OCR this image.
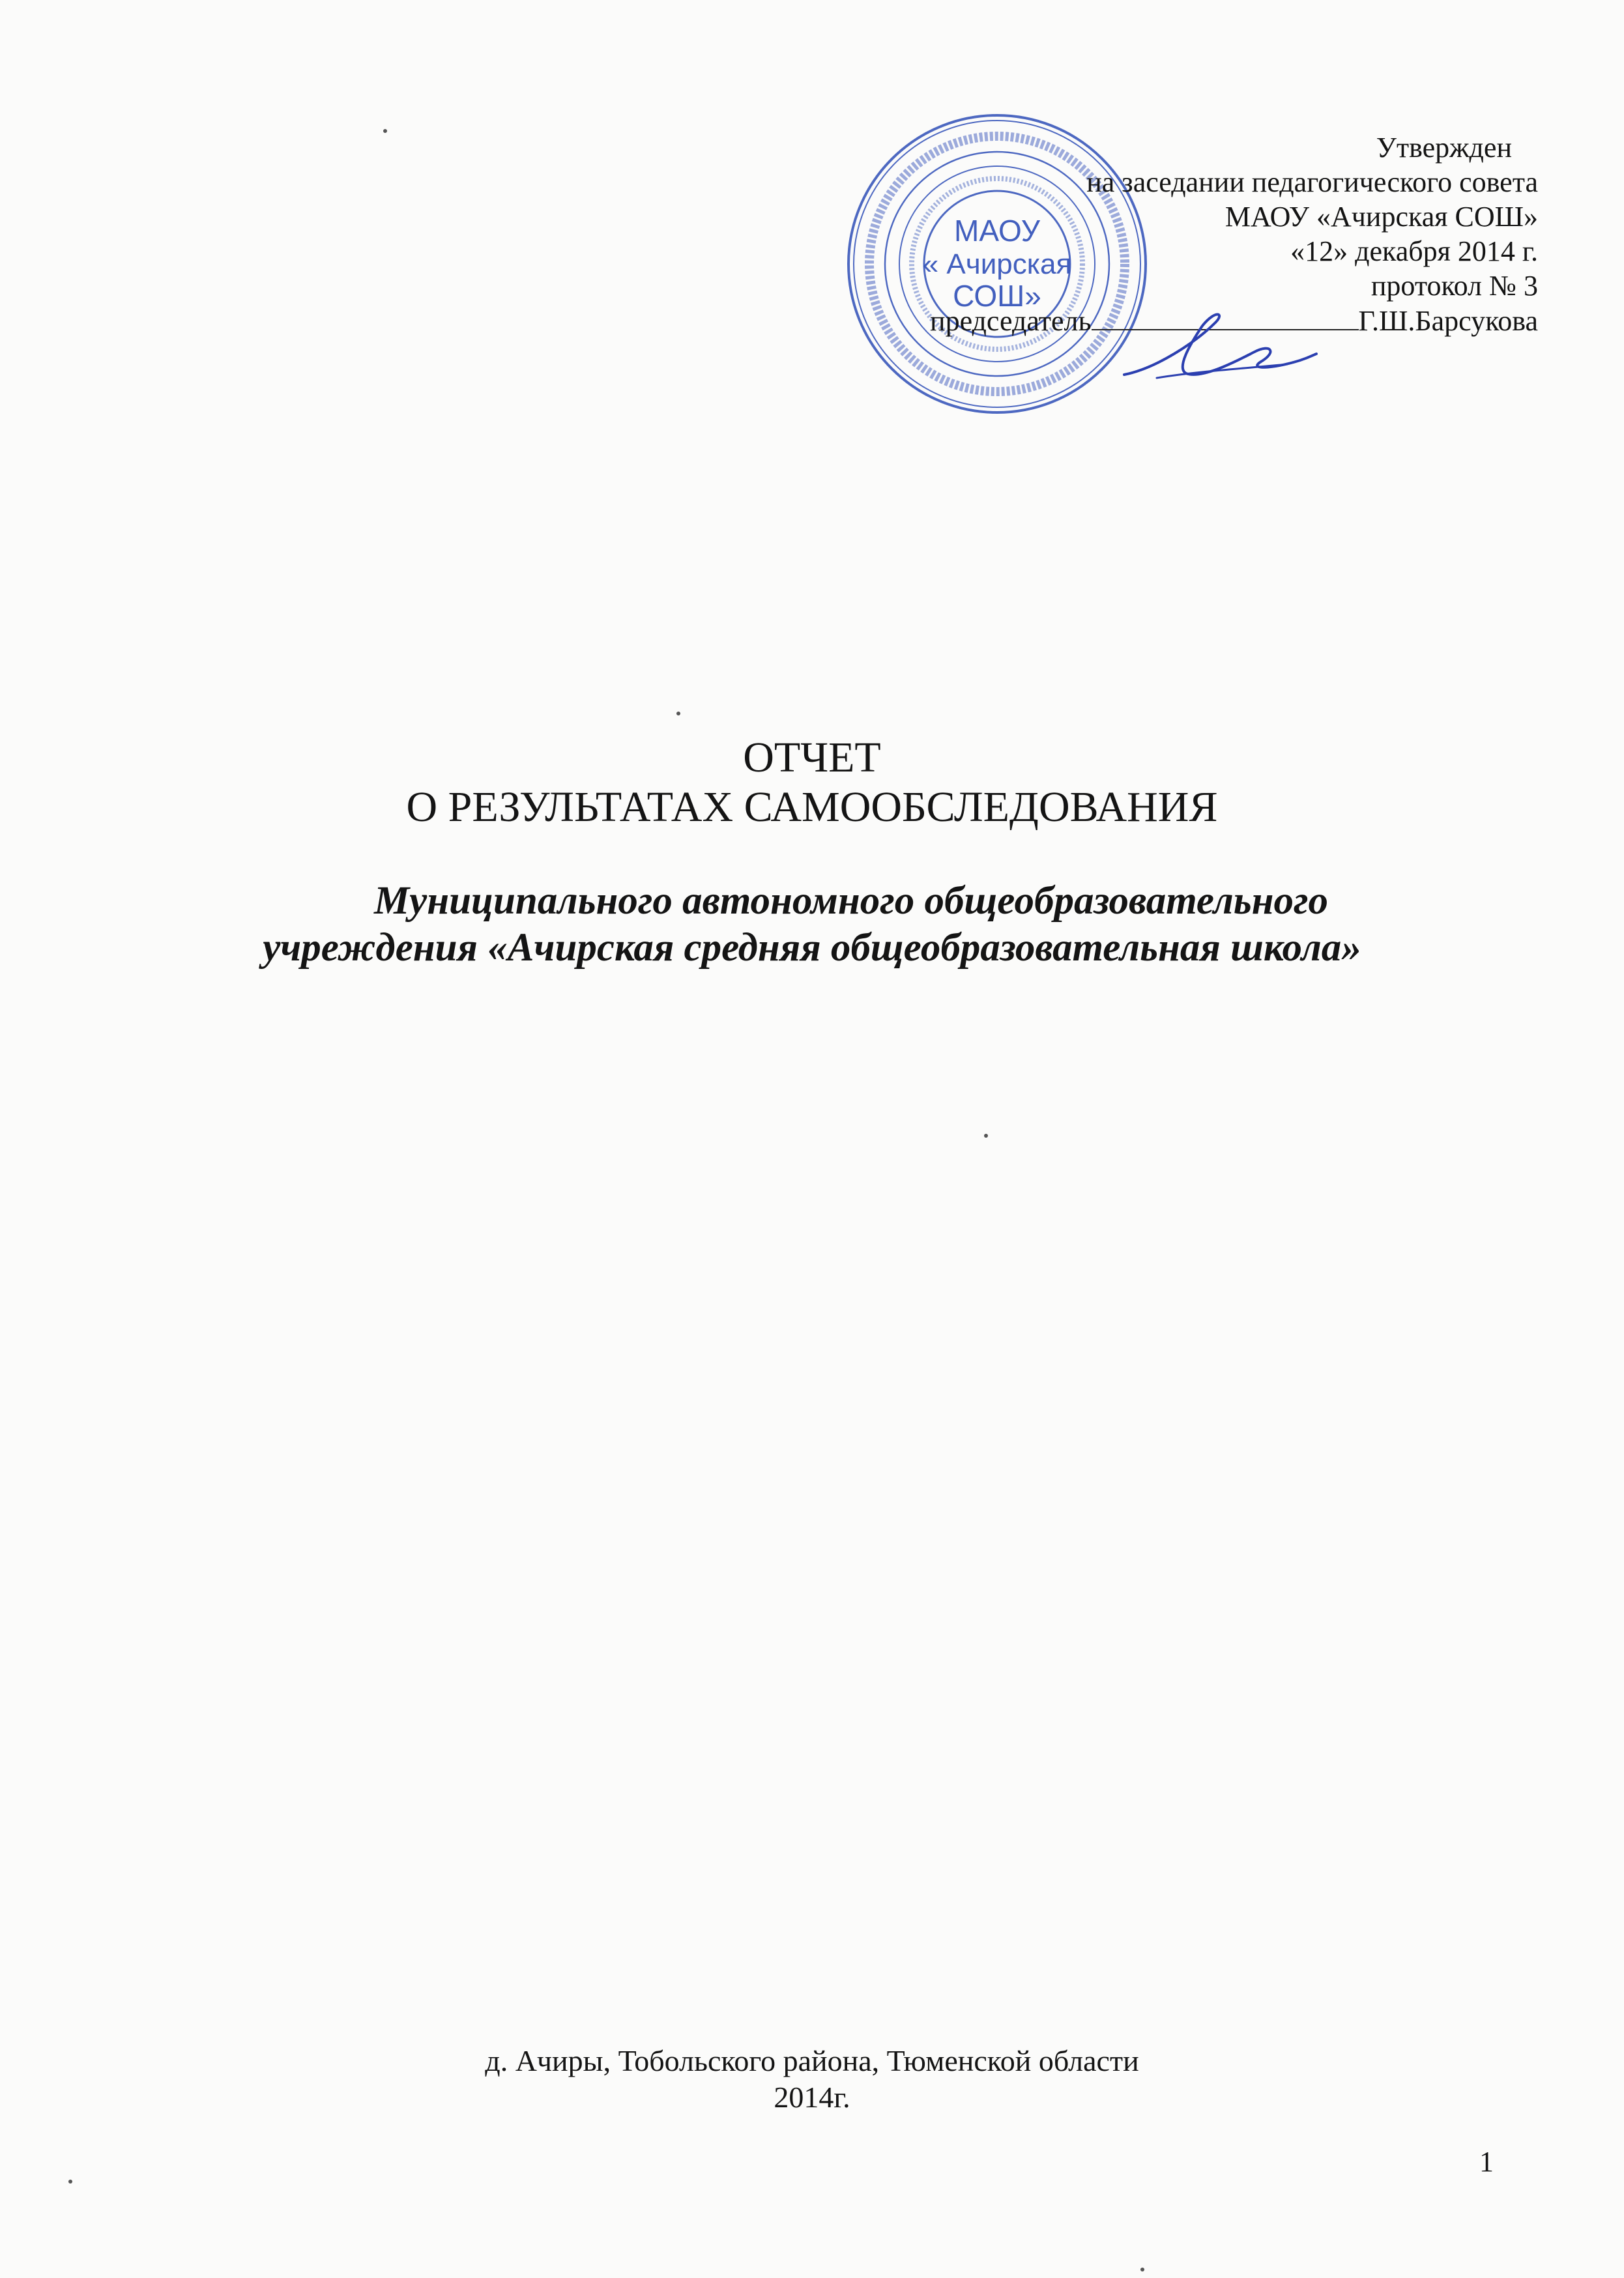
МАОУ
« Ачирская
СОШ»
Утвержден
на заседании педагогического совета
МАОУ «Ачирская СОШ»
«12» декабря 2014 г.
протокол № 3
председатель	Г.Ш.Барсукова
ОТЧЕТ
О РЕЗУЛЬТАТАХ САМООБСЛЕДОВАНИЯ
Муниципального автономного общеобразовательного
учреждения «Ачирская средняя общеобразовательная школа»
д. Ачиры, Тобольского района, Тюменской области
2014г.
1
